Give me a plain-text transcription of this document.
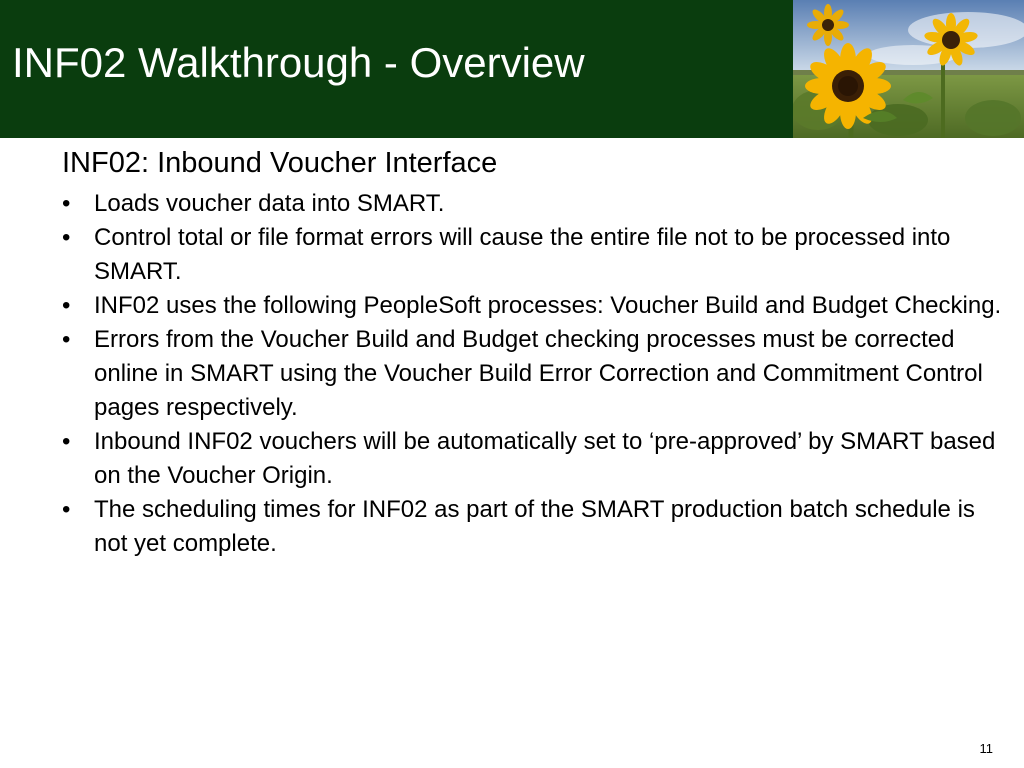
INF02 Walkthrough - Overview
INF02: Inbound Voucher Interface
• Loads voucher data into SMART.
• Control total or file format errors will cause the entire file not to be processed into SMART.
• INF02 uses the following PeopleSoft processes: Voucher Build and Budget Checking.
• Errors from the Voucher Build and Budget checking processes must be corrected online in SMART using the Voucher Build Error Correction and Commitment Control pages respectively.
• Inbound INF02 vouchers will be automatically set to ‘pre-approved’ by SMART based on the Voucher Origin.
• The scheduling times for INF02 as part of the SMART production batch schedule is not yet complete.
11
